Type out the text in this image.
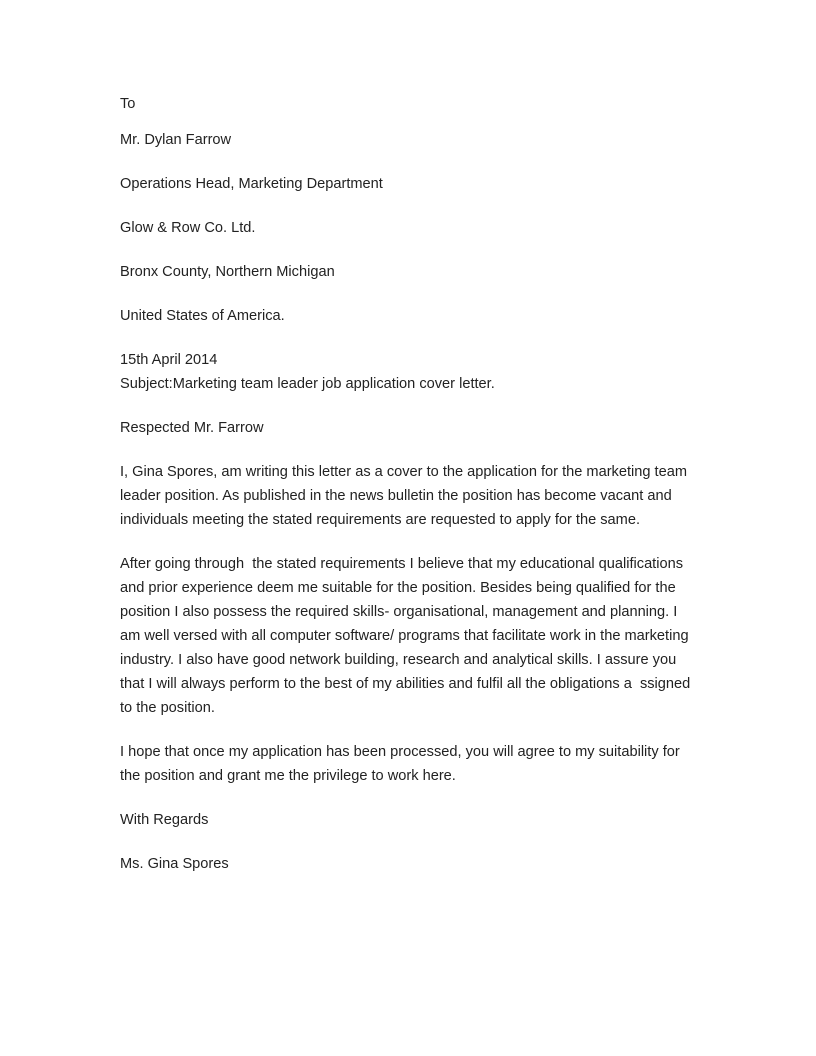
To

Mr. Dylan Farrow

Operations Head, Marketing Department

Glow & Row Co. Ltd.

Bronx County, Northern Michigan

United States of America.

15th April 2014

Subject:Marketing team leader job application cover letter.

Respected Mr. Farrow

I, Gina Spores, am writing this letter as a cover to the application for the marketing team
leader position. As published in the news bulletin the position has become vacant and
individuals meeting the stated requirements are requested to apply for the same.
After going through  the stated requirements I believe that my educational qualifications
and prior experience deem me suitable for the position. Besides being qualified for the
position I also possess the required skills- organisational, management and planning. I
am well versed with all computer software/ programs that facilitate work in the marketing
industry. I also have good network building, research and analytical skills. I assure you
that I will always perform to the best of my abilities and fulfil all the obligations a  ssigned
to the position.
I hope that once my application has been processed, you will agree to my suitability for
the position and grant me the privilege to work here.

With Regards

Ms. Gina Spores
